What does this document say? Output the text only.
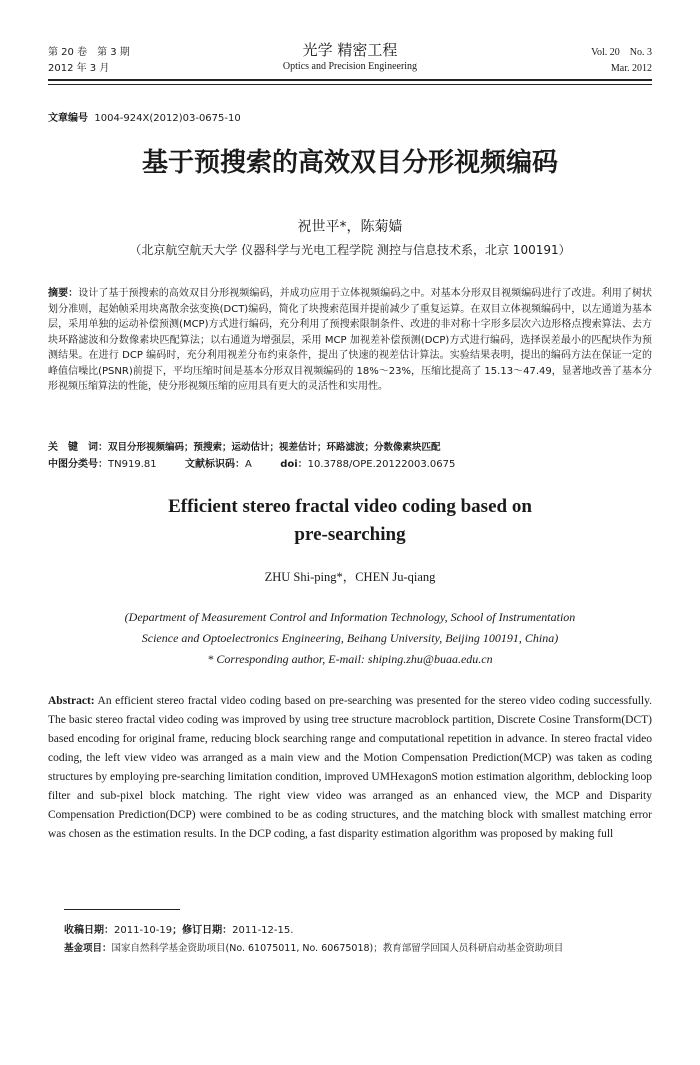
第 20 卷　第 3 期
2012 年 3 月
光学 精密工程
Optics and Precision Engineering
Vol. 20　No. 3
Mar. 2012
文章编号 1004-924X(2012)03-0675-10
基于预搜索的高效双目分形视频编码
祝世平*，陈菊嫱
（北京航空航天大学 仪器科学与光电工程学院 测控与信息技术系，北京 100191）
摘要：设计了基于预搜索的高效双目分形视频编码，并成功应用于立体视频编码之中。对基本分形双目视频编码进行了改进。利用了树状划分准则，起始帧采用块离散余弦变换(DCT)编码，简化了块搜索范围并提前减少了重复运算。在双目立体视频编码中，以左通道为基本层，采用单独的运动补偿预测(MCP)方式进行编码，充分利用了预搜索限制条件、改进的非对称十字形多层次六边形格点搜索算法、去方块环路滤波和分数像素块匹配算法；以右通道为增强层，采用 MCP 加视差补偿预测(DCP)方式进行编码，选择误差最小的匹配块作为预测结果。在进行 DCP 编码时，充分利用视差分布约束条件，提出了快速的视差估计算法。实验结果表明，提出的编码方法在保证一定的峰值信噪比(PSNR)前提下，平均压缩时间是基本分形双目视频编码的 18%～23%，压缩比提高了 15.13～47.49，显著地改善了基本分形视频压缩算法的性能，使分形视频压缩的应用具有更大的灵活性和实用性。
关　键　词：双目分形视频编码；预搜索；运动估计；视差估计；环路滤波；分数像素块匹配
中图分类号：TN919.81	文献标识码：A	doi：10.3788/OPE.20122003.0675
Efficient stereo fractal video coding based on
pre-searching
ZHU Shi-ping*，CHEN Ju-qiang
(Department of Measurement Control and Information Technology, School of Instrumentation
Science and Optoelectronics Engineering, Beihang University, Beijing 100191, China)
* Corresponding author, E-mail: shiping.zhu@buaa.edu.cn
Abstract: An efficient stereo fractal video coding based on pre-searching was presented for the stereo video coding successfully. The basic stereo fractal video coding was improved by using tree structure macroblock partition, Discrete Cosine Transform(DCT) based encoding for original frame, reducing block searching range and computational repetition in advance. In stereo fractal video coding, the left view video was arranged as a main view and the Motion Compensation Prediction(MCP) was taken as coding structures by employing pre-searching limitation condition, improved UMHexagonS motion estimation algorithm, deblocking loop filter and sub-pixel block matching. The right view video was arranged as an enhanced view, the MCP and Disparity Compensation Prediction(DCP) were combined to be as coding structures, and the matching block with smallest matching error was chosen as the estimation results. In the DCP coding, a fast disparity estimation algorithm was proposed by making full
收稿日期：2011-10-19；修订日期：2011-12-15.
基金项目：国家自然科学基金资助项目(No. 61075011, No. 60675018)；教育部留学回国人员科研启动基金资助项目
